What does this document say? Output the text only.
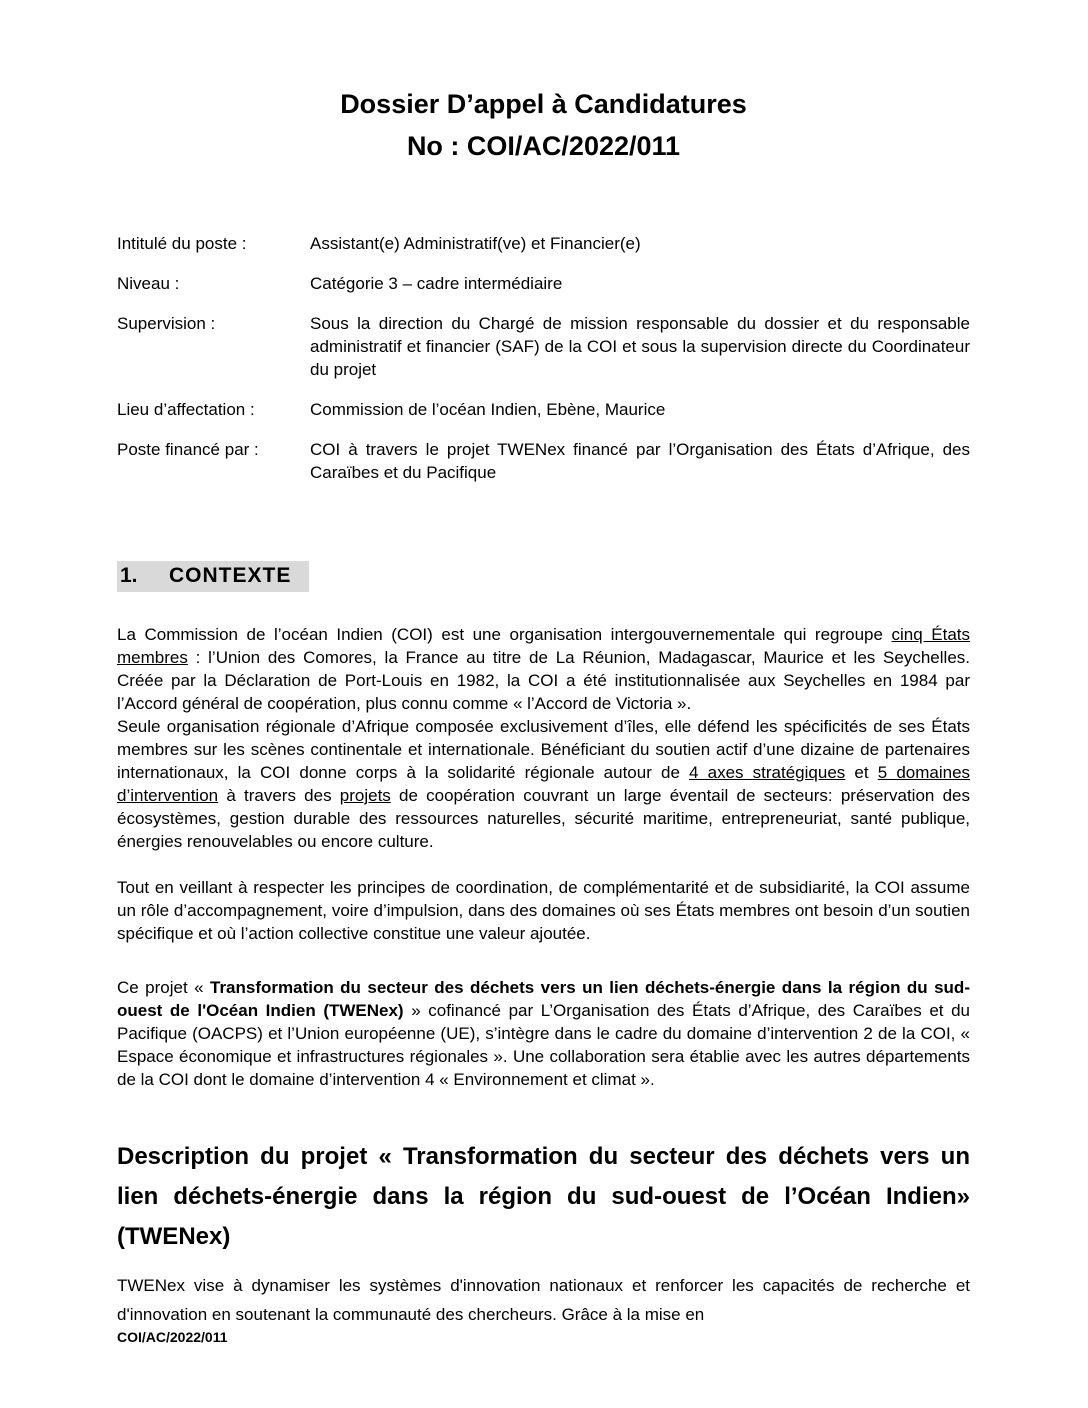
Dossier D’appel à Candidatures
No : COI/AC/2022/011
Intitulé du poste :	Assistant(e) Administratif(ve) et Financier(e)
Niveau :	Catégorie 3 – cadre intermédiaire
Supervision :	Sous la direction du Chargé de mission responsable du dossier et du responsable administratif et financier (SAF) de la COI et sous la supervision directe du Coordinateur du projet
Lieu d’affectation :	Commission de l’océan Indien, Ebène, Maurice
Poste financé par :	COI à travers le projet TWENex financé par l’Organisation des États d’Afrique, des Caraïbes et du Pacifique
1. CONTEXTE

La Commission de l’océan Indien (COI) est une organisation intergouvernementale qui regroupe cinq États membres : l’Union des Comores, la France au titre de La Réunion, Madagascar, Maurice et les Seychelles. Créée par la Déclaration de Port-Louis en 1982, la COI a été institutionnalisée aux Seychelles en 1984 par l’Accord général de coopération, plus connu comme « l’Accord de Victoria ».

Seule organisation régionale d’Afrique composée exclusivement d’îles, elle défend les spécificités de ses États membres sur les scènes continentale et internationale. Bénéficiant du soutien actif d’une dizaine de partenaires internationaux, la COI donne corps à la solidarité régionale autour de 4 axes stratégiques et 5 domaines d’intervention à travers des projets de coopération couvrant un large éventail de secteurs: préservation des écosystèmes, gestion durable des ressources naturelles, sécurité maritime, entrepreneuriat, santé publique, énergies renouvelables ou encore culture.

Tout en veillant à respecter les principes de coordination, de complémentarité et de subsidiarité, la COI assume un rôle d’accompagnement, voire d’impulsion, dans des domaines où ses États membres ont besoin d’un soutien spécifique et où l’action collective constitue une valeur ajoutée.

Ce projet « Transformation du secteur des déchets vers un lien déchets-énergie dans la région du sud-ouest de l'Océan Indien (TWENex) » cofinancé par L’Organisation des États d’Afrique, des Caraïbes et du Pacifique (OACPS) et l’Union européenne (UE), s’intègre dans le cadre du domaine d’intervention 2 de la COI, « Espace économique et infrastructures régionales ». Une collaboration sera établie avec les autres départements de la COI dont le domaine d’intervention 4 « Environnement et climat ».

Description du projet « Transformation du secteur des déchets vers un lien déchets-énergie dans la région du sud-ouest de l’Océan Indien» (TWENex)

TWENex vise à dynamiser les systèmes d'innovation nationaux et renforcer les capacités de recherche et d'innovation en soutenant la communauté des chercheurs. Grâce à la mise en

COI/AC/2022/011
